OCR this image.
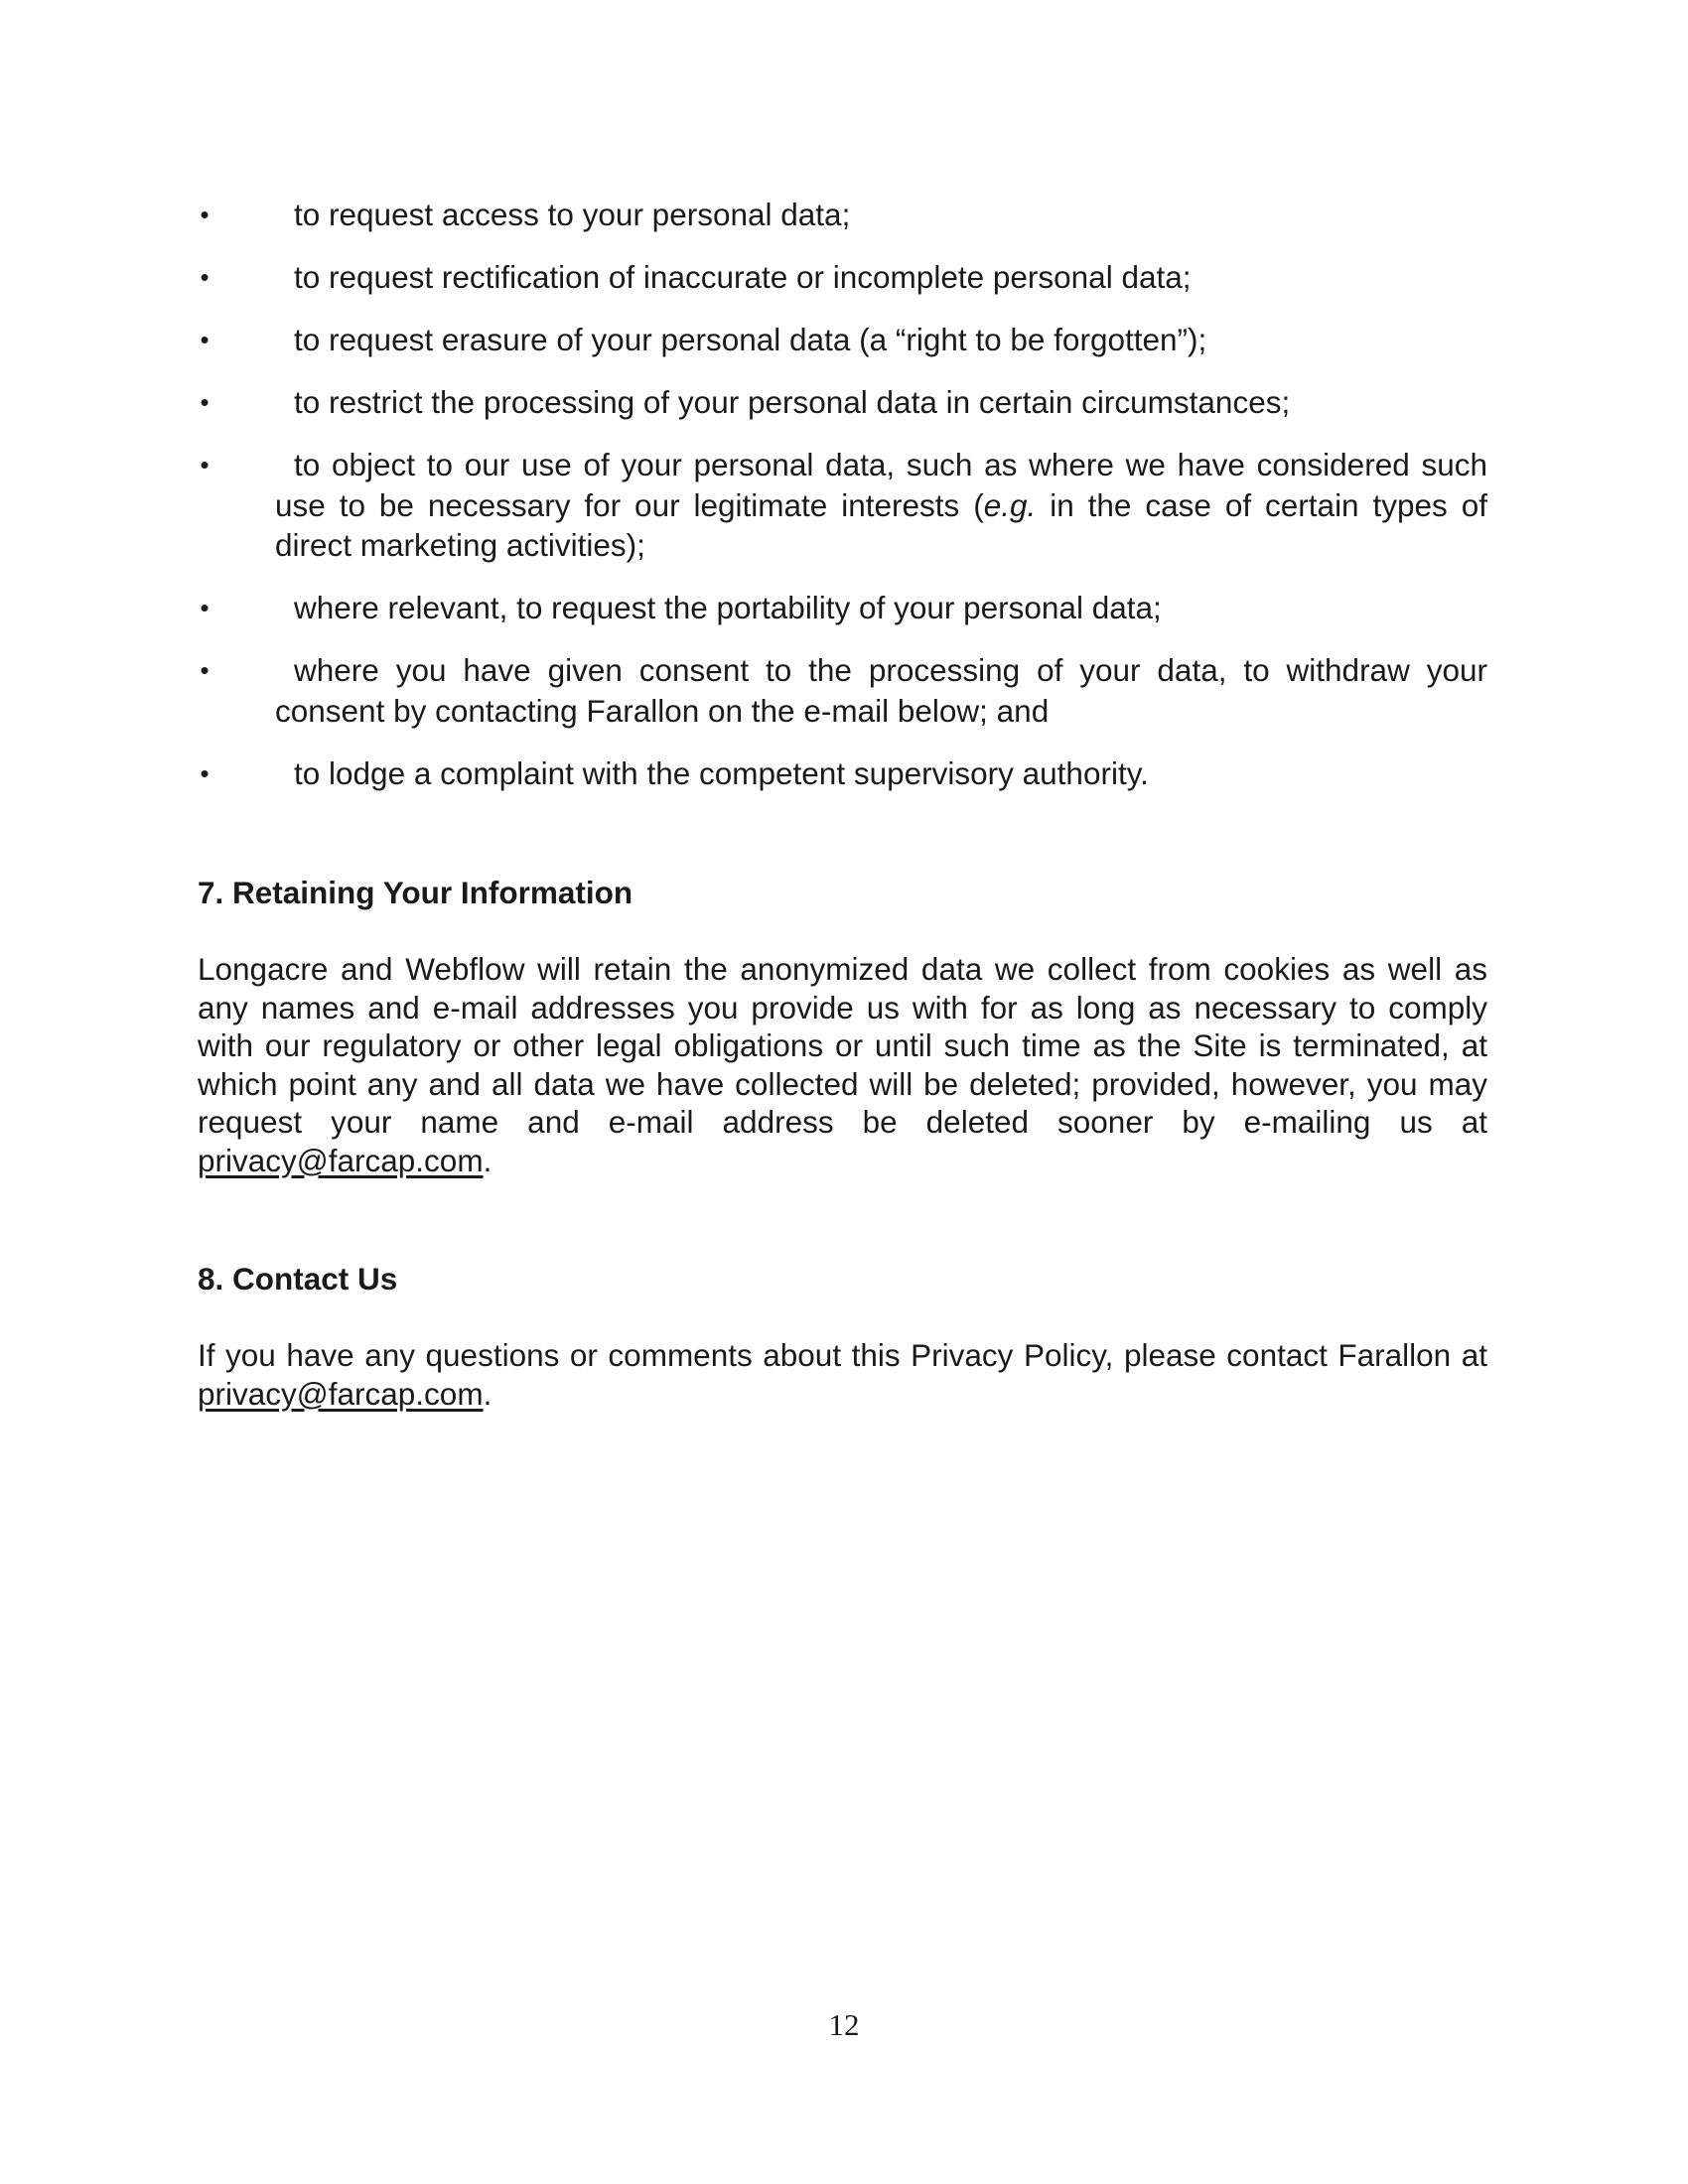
•	to request access to your personal data;
•	to request rectification of inaccurate or incomplete personal data;
•	to request erasure of your personal data (a “right to be forgotten”);
•	to restrict the processing of your personal data in certain circumstances;
•	to object to our use of your personal data, such as where we have considered such use to be necessary for our legitimate interests (e.g. in the case of certain types of direct marketing activities);
•	where relevant, to request the portability of your personal data;
•	where you have given consent to the processing of your data, to withdraw your consent by contacting Farallon on the e-mail below; and
•	to lodge a complaint with the competent supervisory authority.
7. Retaining Your Information

Longacre and Webflow will retain the anonymized data we collect from cookies as well as any names and e-mail addresses you provide us with for as long as necessary to comply with our regulatory or other legal obligations or until such time as the Site is terminated, at which point any and all data we have collected will be deleted; provided, however, you may request your name and e-mail address be deleted sooner by e-mailing us at privacy@farcap.com.

8. Contact Us

If you have any questions or comments about this Privacy Policy, please contact Farallon at privacy@farcap.com.

12
